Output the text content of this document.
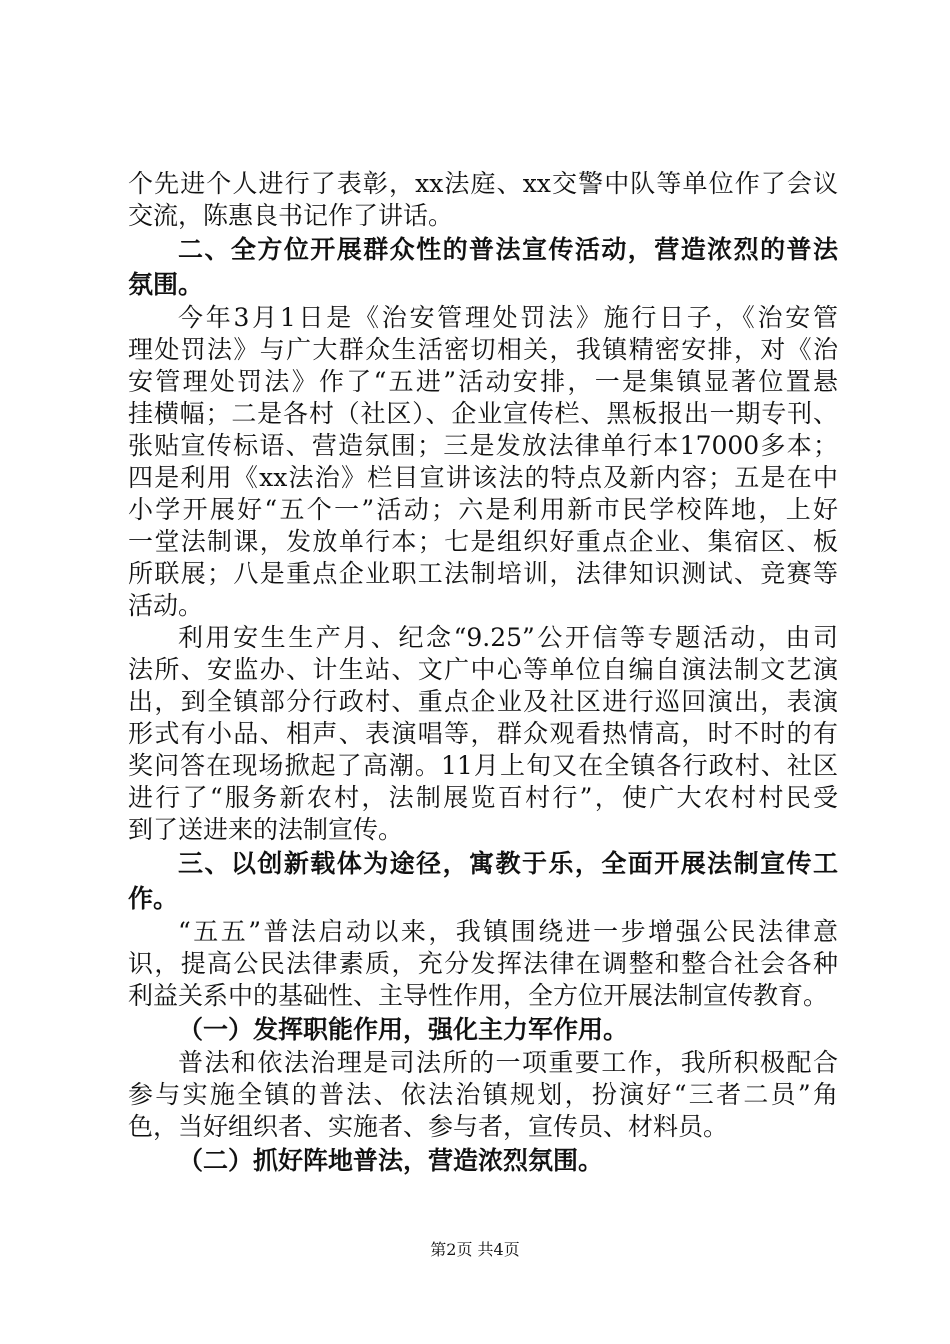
个先进个人进行了表彰，xx法庭、xx交警中队等单位作了会议
交流，陈惠良书记作了讲话。
二、全方位开展群众性的普法宣传活动，营造浓烈的普法
氛围。
今年3月1日是《治安管理处罚法》施行日子，《治安管
理处罚法》与广大群众生活密切相关，我镇精密安排，对《治
安管理处罚法》作了“五进”活动安排，一是集镇显著位置悬
挂横幅；二是各村（社区）、企业宣传栏、黑板报出一期专刊、
张贴宣传标语、营造氛围；三是发放法律单行本17000多本；
四是利用《xx法治》栏目宣讲该法的特点及新内容；五是在中
小学开展好“五个一”活动；六是利用新市民学校阵地，上好
一堂法制课，发放单行本；七是组织好重点企业、集宿区、板
所联展；八是重点企业职工法制培训，法律知识测试、竞赛等
活动。
利用安生生产月、纪念“9.25”公开信等专题活动，由司
法所、安监办、计生站、文广中心等单位自编自演法制文艺演
出，到全镇部分行政村、重点企业及社区进行巡回演出，表演
形式有小品、相声、表演唱等，群众观看热情高，时不时的有
奖问答在现场掀起了高潮。11月上旬又在全镇各行政村、社区
进行了“服务新农村，法制展览百村行”，使广大农村村民受
到了送进来的法制宣传。
三、以创新载体为途径，寓教于乐，全面开展法制宣传工
作。
“五五”普法启动以来，我镇围绕进一步增强公民法律意
识，提高公民法律素质，充分发挥法律在调整和整合社会各种
利益关系中的基础性、主导性作用，全方位开展法制宣传教育。
（一）发挥职能作用，强化主力军作用。
普法和依法治理是司法所的一项重要工作，我所积极配合
参与实施全镇的普法、依法治镇规划，扮演好“三者二员”角
色，当好组织者、实施者、参与者，宣传员、材料员。
（二）抓好阵地普法，营造浓烈氛围。
第2页 共4页
